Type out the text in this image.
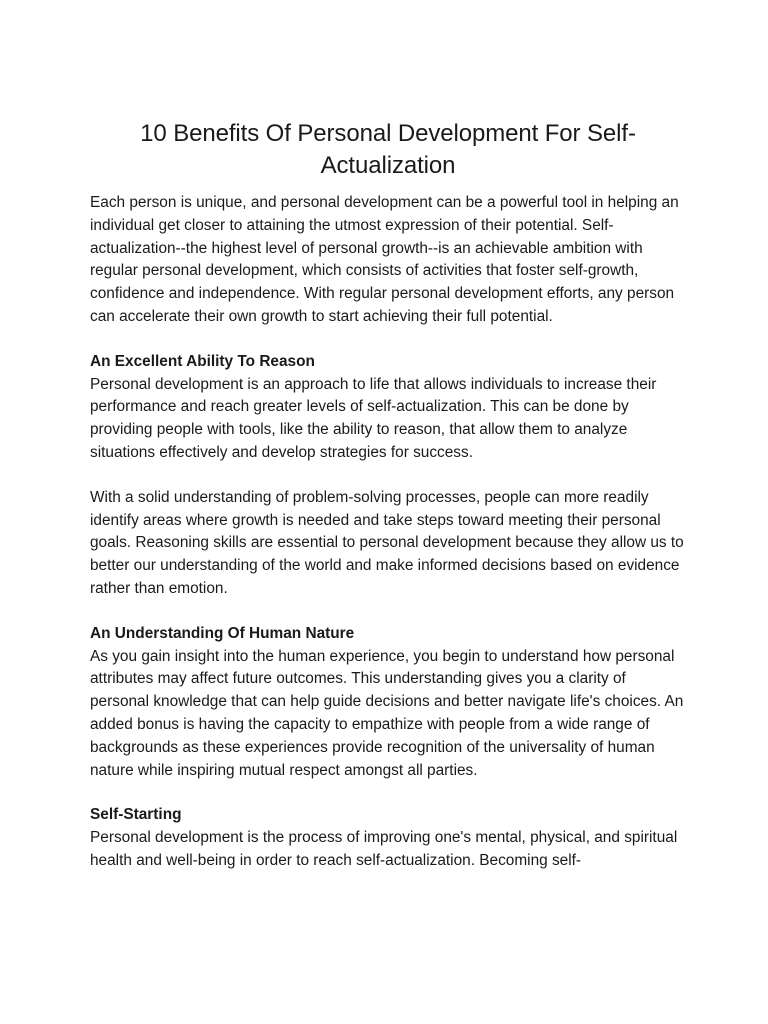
10 Benefits Of Personal Development For Self-Actualization

Each person is unique, and personal development can be a powerful tool in helping an individual get closer to attaining the utmost expression of their potential. Self-actualization--the highest level of personal growth--is an achievable ambition with regular personal development, which consists of activities that foster self-growth, confidence and independence. With regular personal development efforts, any person can accelerate their own growth to start achieving their full potential.

An Excellent Ability To Reason

Personal development is an approach to life that allows individuals to increase their performance and reach greater levels of self-actualization. This can be done by providing people with tools, like the ability to reason, that allow them to analyze situations effectively and develop strategies for success.

With a solid understanding of problem-solving processes, people can more readily identify areas where growth is needed and take steps toward meeting their personal goals. Reasoning skills are essential to personal development because they allow us to better our understanding of the world and make informed decisions based on evidence rather than emotion.

An Understanding Of Human Nature

As you gain insight into the human experience, you begin to understand how personal attributes may affect future outcomes. This understanding gives you a clarity of personal knowledge that can help guide decisions and better navigate life's choices. An added bonus is having the capacity to empathize with people from a wide range of backgrounds as these experiences provide recognition of the universality of human nature while inspiring mutual respect amongst all parties.

Self-Starting

Personal development is the process of improving one's mental, physical, and spiritual health and well-being in order to reach self-actualization. Becoming self-
